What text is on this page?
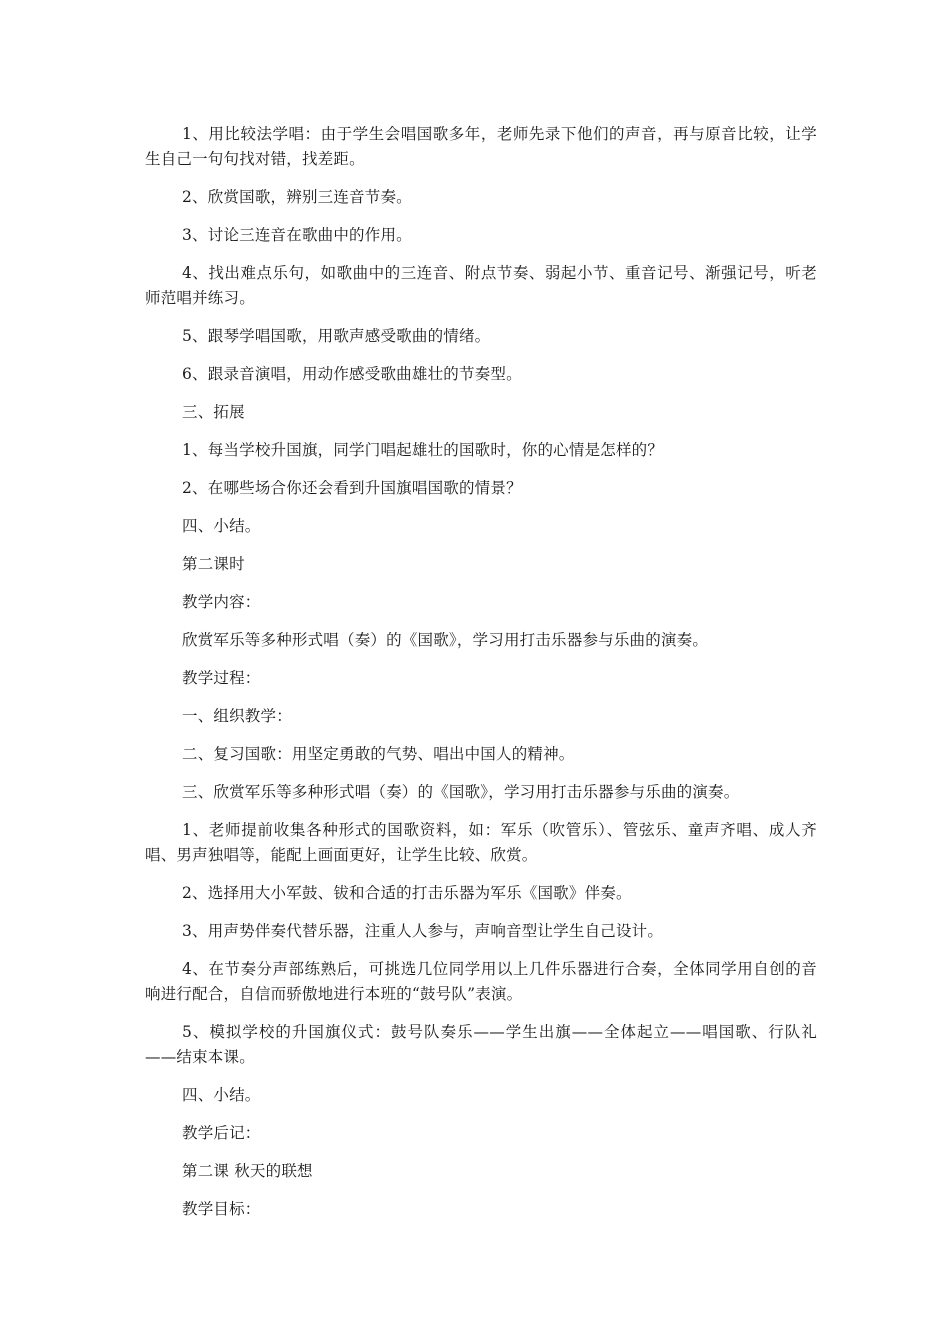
1、用比较法学唱：由于学生会唱国歌多年，老师先录下他们的声音，再与原音比较，让学生自己一句句找对错，找差距。

2、欣赏国歌，辨别三连音节奏。

3、讨论三连音在歌曲中的作用。

4、找出难点乐句，如歌曲中的三连音、附点节奏、弱起小节、重音记号、渐强记号，听老师范唱并练习。

5、跟琴学唱国歌，用歌声感受歌曲的情绪。

6、跟录音演唱，用动作感受歌曲雄壮的节奏型。

三、拓展

1、每当学校升国旗，同学门唱起雄壮的国歌时，你的心情是怎样的？

2、在哪些场合你还会看到升国旗唱国歌的情景？

四、小结。

第二课时

教学内容：

欣赏军乐等多种形式唱（奏）的《国歌》，学习用打击乐器参与乐曲的演奏。

教学过程：

一、组织教学：

二、复习国歌：用坚定勇敢的气势、唱出中国人的精神。

三、欣赏军乐等多种形式唱（奏）的《国歌》，学习用打击乐器参与乐曲的演奏。

1、老师提前收集各种形式的国歌资料，如：军乐（吹管乐）、管弦乐、童声齐唱、成人齐唱、男声独唱等，能配上画面更好，让学生比较、欣赏。

2、选择用大小军鼓、钹和合适的打击乐器为军乐《国歌》伴奏。

3、用声势伴奏代替乐器，注重人人参与，声响音型让学生自己设计。

4、在节奏分声部练熟后，可挑选几位同学用以上几件乐器进行合奏，全体同学用自创的音响进行配合，自信而骄傲地进行本班的“鼓号队”表演。

5、模拟学校的升国旗仪式：鼓号队奏乐——学生出旗——全体起立——唱国歌、行队礼——结束本课。

四、小结。

教学后记：

第二课 秋天的联想

教学目标：
